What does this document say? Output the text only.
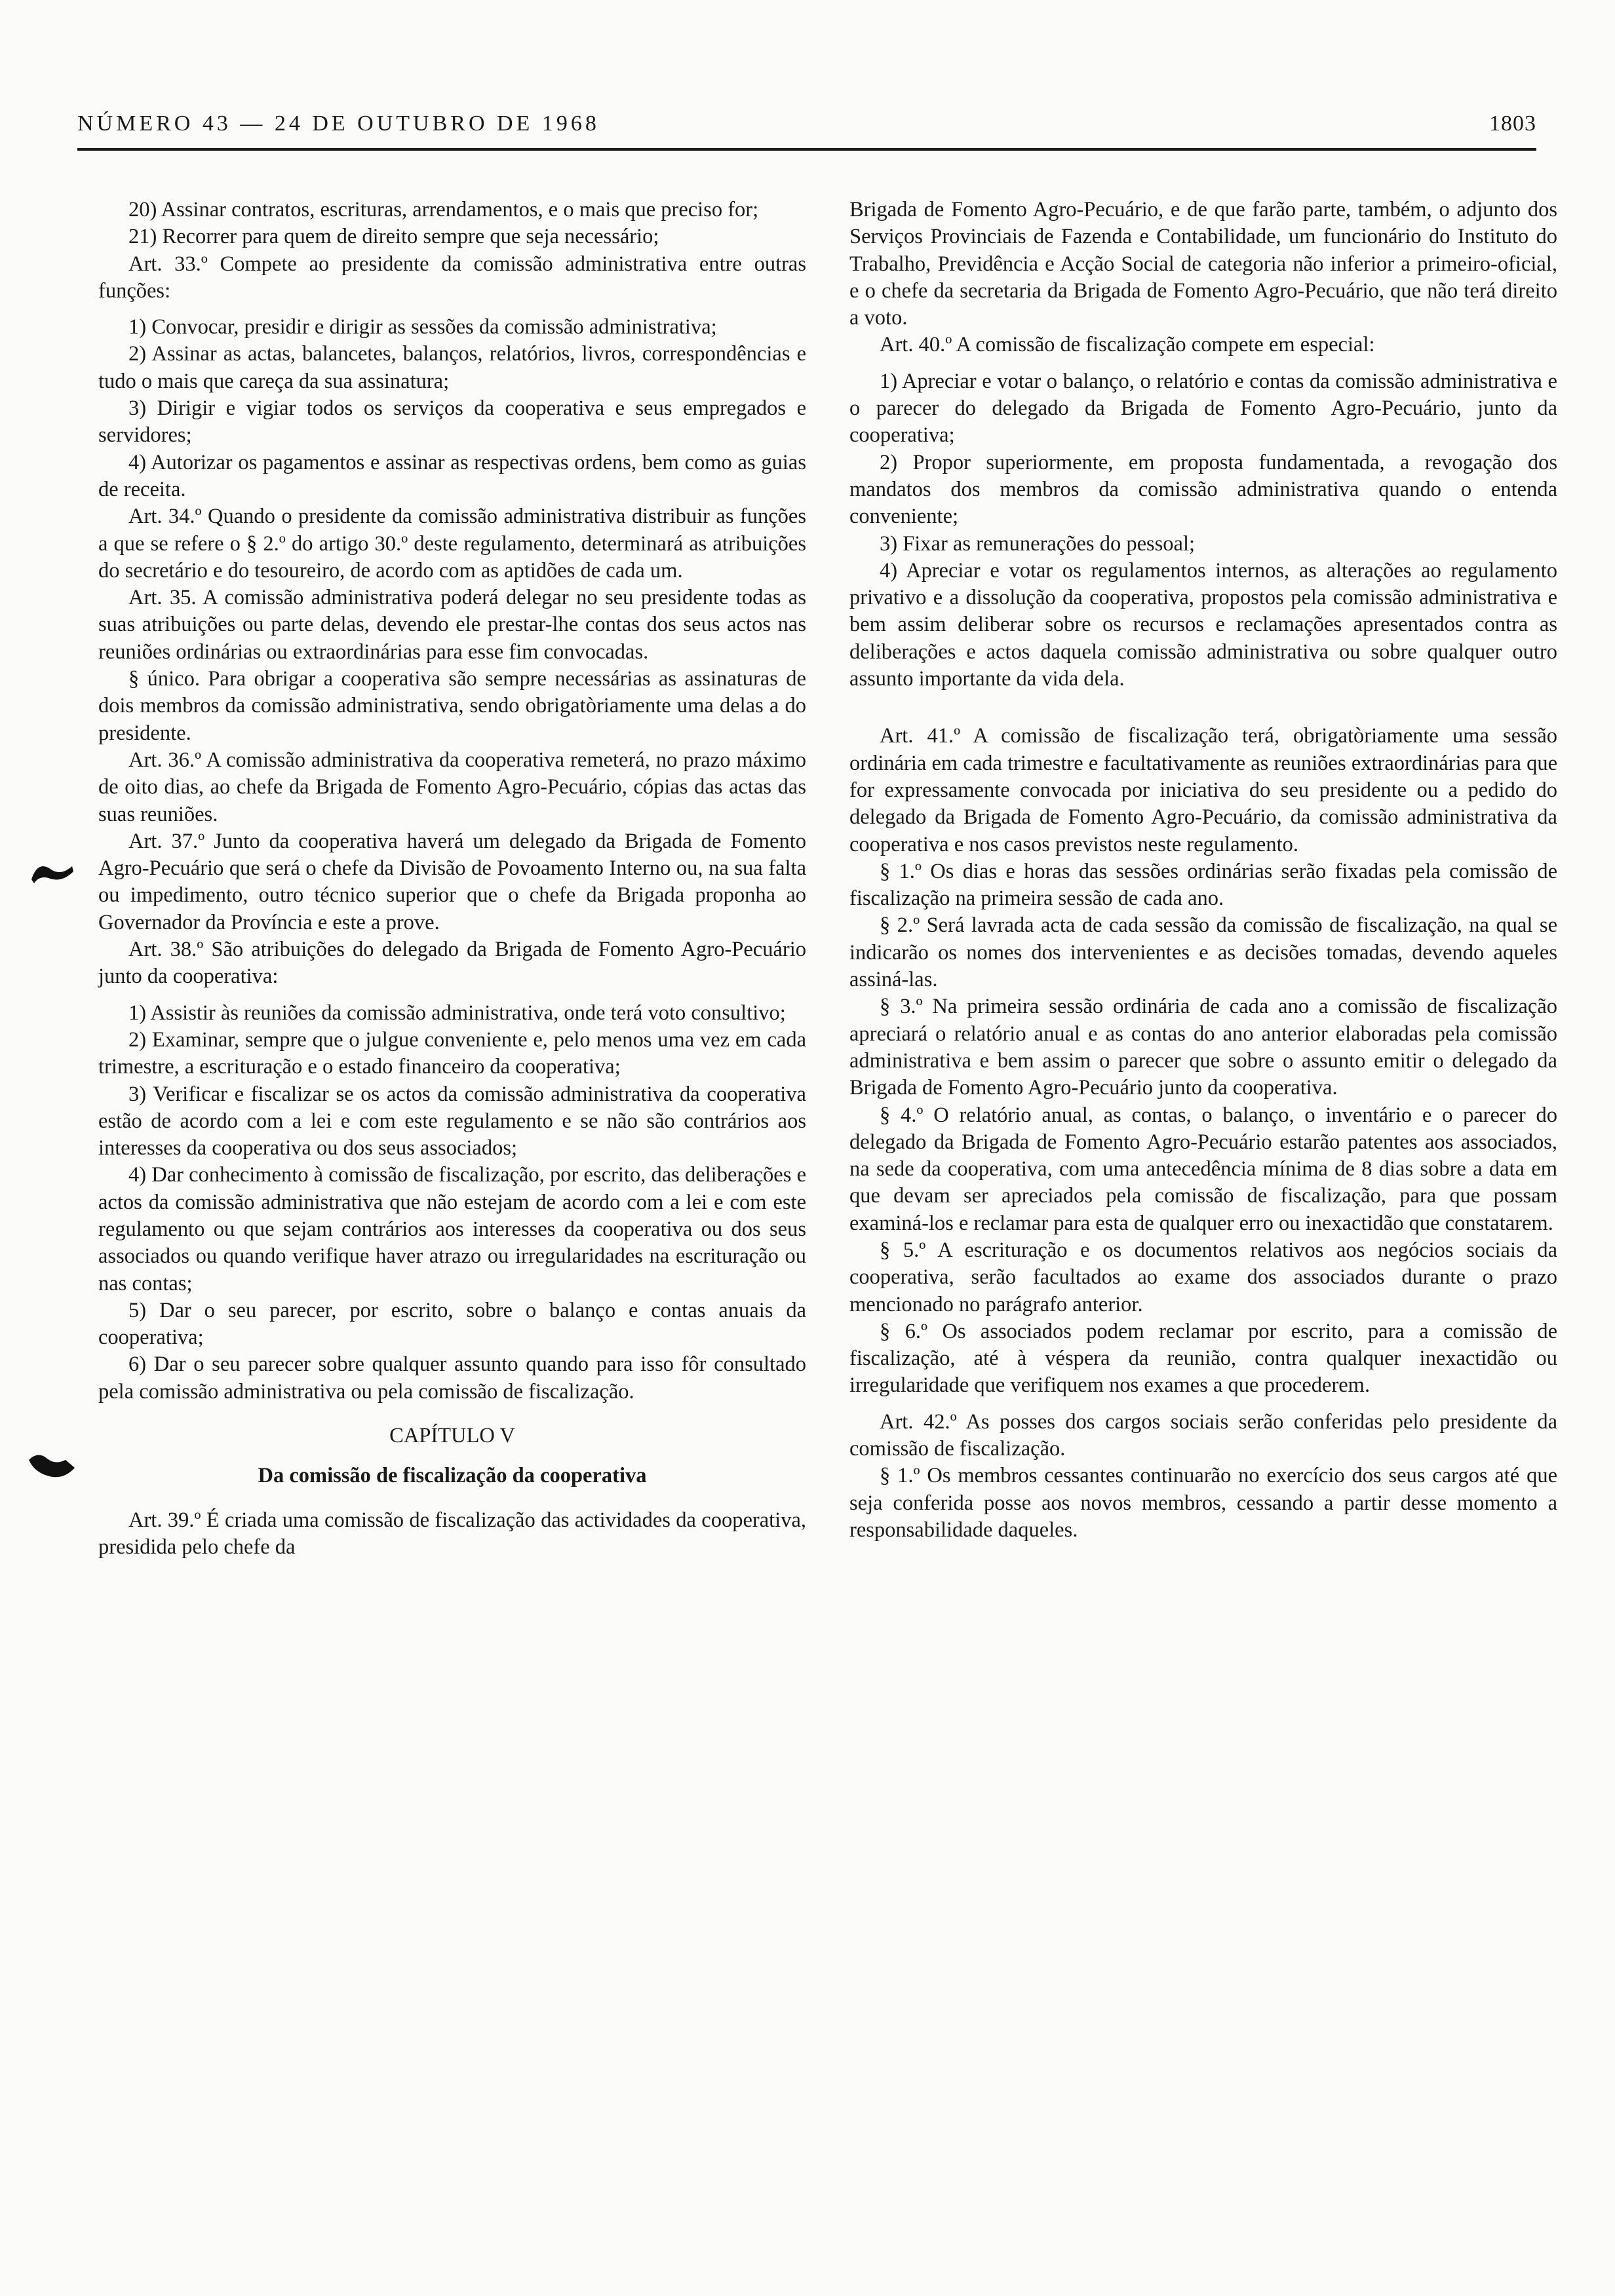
NÚMERO 43 — 24 DE OUTUBRO DE 1968	1803

20) Assinar contratos, escrituras, arrendamentos, e o mais que preciso for;

21) Recorrer para quem de direito sempre que seja necessário;

Art. 33.º Compete ao presidente da comissão administrativa entre outras funções:

1) Convocar, presidir e dirigir as sessões da comissão administrativa;

2) Assinar as actas, balancetes, balanços, relatórios, livros, correspondências e tudo o mais que careça da sua assinatura;

3) Dirigir e vigiar todos os serviços da cooperativa e seus empregados e servidores;

4) Autorizar os pagamentos e assinar as respectivas ordens, bem como as guias de receita.

Art. 34.º Quando o presidente da comissão administrativa distribuir as funções a que se refere o § 2.º do artigo 30.º deste regulamento, determinará as atribuições do secretário e do tesoureiro, de acordo com as aptidões de cada um.

Art. 35. A comissão administrativa poderá delegar no seu presidente todas as suas atribuições ou parte delas, devendo ele prestar-lhe contas dos seus actos nas reuniões ordinárias ou extraordinárias para esse fim convocadas.

§ único. Para obrigar a cooperativa são sempre necessárias as assinaturas de dois membros da comissão administrativa, sendo obrigatòriamente uma delas a do presidente.

Art. 36.º A comissão administrativa da cooperativa remeterá, no prazo máximo de oito dias, ao chefe da Brigada de Fomento Agro-Pecuário, cópias das actas das suas reuniões.

Art. 37.º Junto da cooperativa haverá um delegado da Brigada de Fomento Agro-Pecuário que será o chefe da Divisão de Povoamento Interno ou, na sua falta ou impedimento, outro técnico superior que o chefe da Brigada proponha ao Governador da Província e este a prove.

Art. 38.º São atribuições do delegado da Brigada de Fomento Agro-Pecuário junto da cooperativa:

1) Assistir às reuniões da comissão administrativa, onde terá voto consultivo;

2) Examinar, sempre que o julgue conveniente e, pelo menos uma vez em cada trimestre, a escrituração e o estado financeiro da cooperativa;

3) Verificar e fiscalizar se os actos da comissão administrativa da cooperativa estão de acordo com a lei e com este regulamento e se não são contrários aos interesses da cooperativa ou dos seus associados;

4) Dar conhecimento à comissão de fiscalização, por escrito, das deliberações e actos da comissão administrativa que não estejam de acordo com a lei e com este regulamento ou que sejam contrários aos interesses da cooperativa ou dos seus associados ou quando verifique haver atrazo ou irregularidades na escrituração ou nas contas;

5) Dar o seu parecer, por escrito, sobre o balanço e contas anuais da cooperativa;

6) Dar o seu parecer sobre qualquer assunto quando para isso fôr consultado pela comissão administrativa ou pela comissão de fiscalização.

CAPÍTULO V

Da comissão de fiscalização da cooperativa

Art. 39.º É criada uma comissão de fiscalização das actividades da cooperativa, presidida pelo chefe da

Brigada de Fomento Agro-Pecuário, e de que farão parte, também, o adjunto dos Serviços Provinciais de Fazenda e Contabilidade, um funcionário do Instituto do Trabalho, Previdência e Acção Social de categoria não inferior a primeiro-oficial, e o chefe da secretaria da Brigada de Fomento Agro-Pecuário, que não terá direito a voto.

Art. 40.º A comissão de fiscalização compete em especial:

1) Apreciar e votar o balanço, o relatório e contas da comissão administrativa e o parecer do delegado da Brigada de Fomento Agro-Pecuário, junto da cooperativa;

2) Propor superiormente, em proposta fundamentada, a revogação dos mandatos dos membros da comissão administrativa quando o entenda conveniente;

3) Fixar as remunerações do pessoal;

4) Apreciar e votar os regulamentos internos, as alterações ao regulamento privativo e a dissolução da cooperativa, propostos pela comissão administrativa e bem assim deliberar sobre os recursos e reclamações apresentados contra as deliberações e actos daquela comissão administrativa ou sobre qualquer outro assunto importante da vida dela.

Art. 41.º A comissão de fiscalização terá, obrigatòriamente uma sessão ordinária em cada trimestre e facultativamente as reuniões extraordinárias para que for expressamente convocada por iniciativa do seu presidente ou a pedido do delegado da Brigada de Fomento Agro-Pecuário, da comissão administrativa da cooperativa e nos casos previstos neste regulamento.

§ 1.º Os dias e horas das sessões ordinárias serão fixadas pela comissão de fiscalização na primeira sessão de cada ano.

§ 2.º Será lavrada acta de cada sessão da comissão de fiscalização, na qual se indicarão os nomes dos intervenientes e as decisões tomadas, devendo aqueles assiná-las.

§ 3.º Na primeira sessão ordinária de cada ano a comissão de fiscalização apreciará o relatório anual e as contas do ano anterior elaboradas pela comissão administrativa e bem assim o parecer que sobre o assunto emitir o delegado da Brigada de Fomento Agro-Pecuário junto da cooperativa.

§ 4.º O relatório anual, as contas, o balanço, o inventário e o parecer do delegado da Brigada de Fomento Agro-Pecuário estarão patentes aos associados, na sede da cooperativa, com uma antecedência mínima de 8 dias sobre a data em que devam ser apreciados pela comissão de fiscalização, para que possam examiná-los e reclamar para esta de qualquer erro ou inexactidão que constatarem.

§ 5.º A escrituração e os documentos relativos aos negócios sociais da cooperativa, serão facultados ao exame dos associados durante o prazo mencionado no parágrafo anterior.

§ 6.º Os associados podem reclamar por escrito, para a comissão de fiscalização, até à véspera da reunião, contra qualquer inexactidão ou irregularidade que verifiquem nos exames a que procederem.

Art. 42.º As posses dos cargos sociais serão conferidas pelo presidente da comissão de fiscalização.

§ 1.º Os membros cessantes continuarão no exercício dos seus cargos até que seja conferida posse aos novos membros, cessando a partir desse momento a responsabilidade daqueles.
